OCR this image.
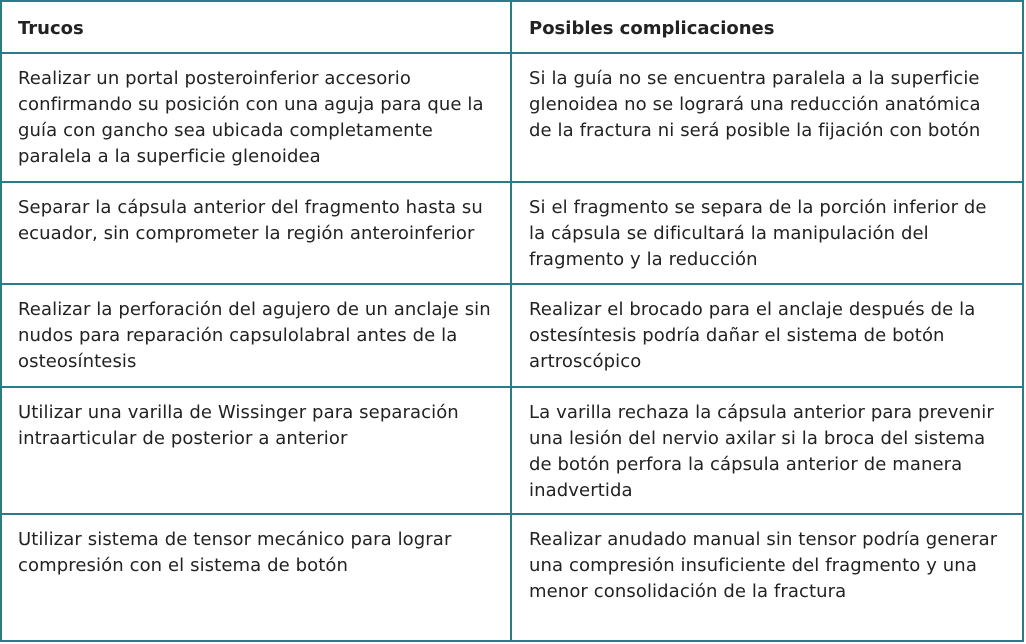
Trucos	Posibles complicaciones
Realizar un portal posteroinferior accesorio confirmando su posición con una aguja para que la guía con gancho sea ubicada completamente paralela a la superficie glenoidea	Si la guía no se encuentra paralela a la superficie glenoidea no se logrará una reducción anatómica de la fractura ni será posible la fijación con botón
Separar la cápsula anterior del fragmento hasta su ecuador, sin comprometer la región anteroinferior	Si el fragmento se separa de la porción inferior de la cápsula se dificultará la manipulación del fragmento y la reducción
Realizar la perforación del agujero de un anclaje sin nudos para reparación capsulolabral antes de la osteosíntesis	Realizar el brocado para el anclaje después de la ostesíntesis podría dañar el sistema de botón artroscópico
Utilizar una varilla de Wissinger para separación intraarticular de posterior a anterior	La varilla rechaza la cápsula anterior para prevenir una lesión del nervio axilar si la broca del sistema de botón perfora la cápsula anterior de manera inadvertida
Utilizar sistema de tensor mecánico para lograr compresión con el sistema de botón	Realizar anudado manual sin tensor podría generar una compresión insuficiente del fragmento y una menor consolidación de la fractura
